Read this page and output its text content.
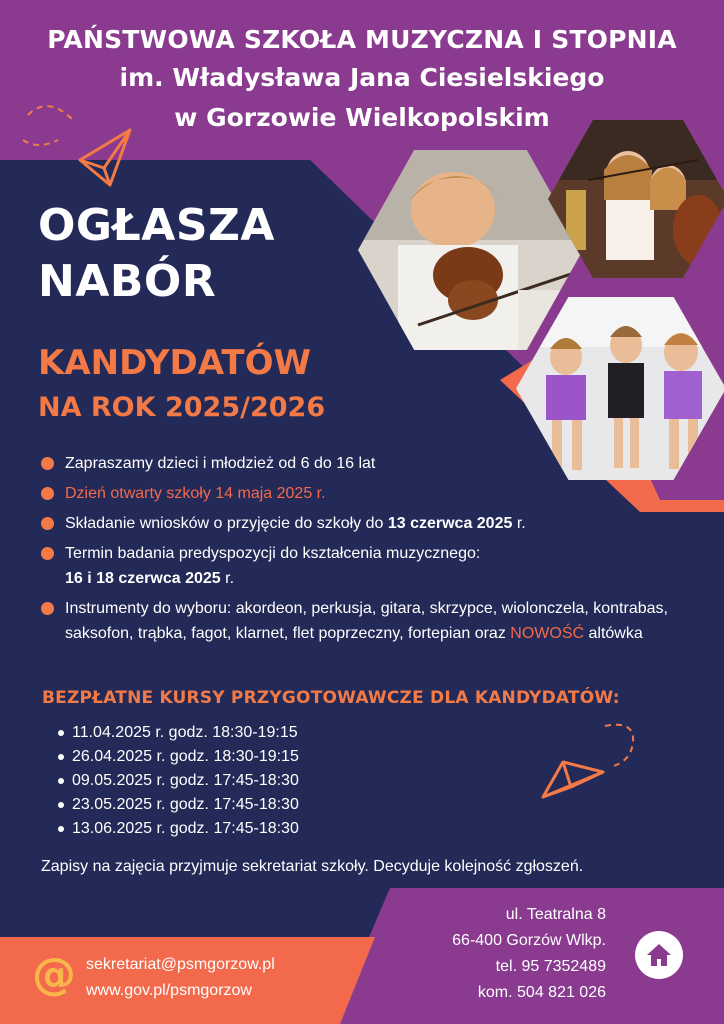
PAŃSTWOWA SZKOŁA MUZYCZNA I STOPNIA
im. Władysława Jana Ciesielskiego
w Gorzowie Wielkopolskim
OGŁASZA
NABÓR
KANDYDATÓW
NA ROK 2025/2026
Zapraszamy dzieci i młodzież od 6 do 16 lat
Dzień otwarty szkoły 14 maja 2025 r.
Składanie wniosków o przyjęcie do szkoły do 13 czerwca 2025 r.
Termin badania predyspozycji do kształcenia muzycznego:
16 i 18 czerwca 2025 r.
Instrumenty do wyboru: akordeon, perkusja, gitara, skrzypce, wiolonczela, kontrabas, saksofon, trąbka, fagot, klarnet, flet poprzeczny, fortepian oraz NOWOŚĆ altówka
BEZPŁATNE KURSY PRZYGOTOWAWCZE DLA KANDYDATÓW:
11.04.2025 r. godz. 18:30-19:15
26.04.2025 r. godz. 18:30-19:15
09.05.2025 r. godz. 17:45-18:30
23.05.2025 r. godz. 17:45-18:30
13.06.2025 r. godz. 17:45-18:30
Zapisy na zajęcia przyjmuje sekretariat szkoły. Decyduje kolejność zgłoszeń.
@ sekretariat@psmgorzow.pl
www.gov.pl/psmgorzow
ul. Teatralna 8
66-400 Gorzów Wlkp.
tel. 95 7352489
kom. 504 821 026
